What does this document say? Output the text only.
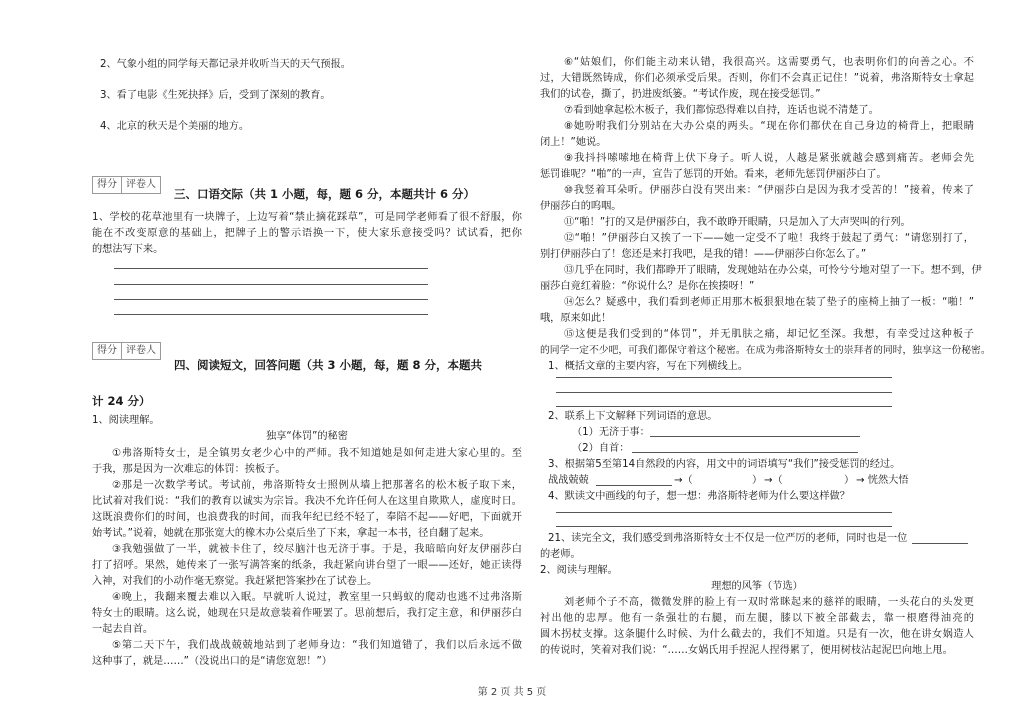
2、气象小组的同学每天都记录并收听当天的天气预报。

3、看了电影《生死抉择》后，受到了深刻的教育。

4、北京的秋天是个美丽的地方。

得分 评卷人

三、口语交际（共 1 小题，每，题 6 分，本题共计 6 分）

1、学校的花草池里有一块牌子，上边写着“禁止摘花踩草”，可是同学老师看了很不舒服，你

能在不改变原意的基础上，把牌子上的警示语换一下，使大家乐意接受吗？试试看，把你

的想法写下来。

得分 评卷人

四、阅读短文，回答问题（共 3 小题，每，题 8 分，本题共

计 24 分）

1、阅读理解。

独享“体罚”的秘密

①弗洛斯特女士，是全镇男女老少心中的严师。我不知道她是如何走进大家心里的。至

于我，那是因为一次难忘的体罚：挨板子。

②那是一次数学考试。考试前，弗洛斯特女士照例从墙上把那著名的松木板子取下来，

比试着对我们说：“我们的教育以诚实为宗旨。我决不允许任何人在这里自欺欺人，虚度时日。

这既浪费你们的时间，也浪费我的时间，而我年纪已经不轻了，奉陪不起——好吧，下面就开

始考试。”说着，她就在那张宽大的橡木办公桌后坐了下来，拿起一本书，径自翻了起来。

③我勉强做了一半，就被卡住了，绞尽脑汁也无济于事。于是，我暗暗向好友伊丽莎白

打了招呼。果然，她传来了一张写满答案的纸条，我赶紧向讲台望了一眼——还好，她正读得

入神，对我们的小动作毫无察觉。我赶紧把答案抄在了试卷上。

④晚上，我翻来覆去难以入眠。早就听人说过，教室里一只蚂蚁的爬动也逃不过弗洛斯

特女士的眼睛。这么说，她现在只是故意装着作哑罢了。思前想后，我打定主意，和伊丽莎白

一起去自首。

⑤第二天下午，我们战战兢兢地站到了老师身边：“我们知道错了，我们以后永远不做

这种事了，就是……”（没说出口的是“请您宽恕！”）

⑥“姑娘们，你们能主动来认错，我很高兴。这需要勇气，也表明你们的向善之心。不

过，大错既然铸成，你们必须承受后果。否则，你们不会真正记住！”说着，弗洛斯特女士拿起

我们的试卷，撕了，扔进废纸篓。“考试作废，现在接受惩罚。”

⑦看到她拿起松木板子，我们都惊恐得难以自持，连话也说不清楚了。

⑧她吩咐我们分别站在大办公桌的两头。“现在你们都伏在自己身边的椅背上，把眼睛

闭上！”她说。

⑨我抖抖嗦嗦地在椅背上伏下身子。听人说，人越是紧张就越会感到痛苦。老师会先

惩罚谁呢？“啪”的一声，宣告了惩罚的开始。看来，老师先惩罚伊丽莎白了。

⑩我竖着耳朵听。伊丽莎白没有哭出来：“伊丽莎白是因为我才受苦的！”接着，传来了

伊丽莎白的呜咽。

⑪“啪！”打的又是伊丽莎白，我不敢睁开眼睛，只是加入了大声哭叫的行列。

⑫“啪！”伊丽莎白又挨了一下——她一定受不了啦！我终于鼓起了勇气：“请您别打了，

别打伊丽莎白了！您还是来打我吧，是我的错！——伊丽莎白你怎么了。”

⑬几乎在同时，我们都睁开了眼睛，发现她站在办公桌，可怜兮兮地对望了一下。想不到，伊

丽莎白竟红着脸：“你说什么？是你在挨揍呀！”

⑭怎么？疑惑中，我们看到老师正用那木板狠狠地在装了垫子的座椅上抽了一板：“啪！”

哦，原来如此！

⑮这便是我们受到的“体罚”，并无肌肤之痛，却记忆至深。我想，有幸受过这种板子

的同学一定不少吧，可我们都保守着这个秘密。在成为弗洛斯特女士的崇拜者的同时，独享这一份秘密。

1、概括文章的主要内容，写在下列横线上。

2、联系上下文解释下列词语的意思。

（1）无济于事：

（2）自首：

3、根据第5至第14自然段的内容，用文中的词语填写“我们”接受惩罚的经过。

战战兢兢	→（	） →（	） → 恍然大悟

4、默读文中画线的句子，想一想：弗洛斯特老师为什么要这样做？

21、读完全文，我们感受到弗洛斯特女士不仅是一位严厉的老师，同时也是一位

的老师。

2、阅读与理解。

理想的风筝（节选）

刘老师个子不高，微微发胖的脸上有一双时常眯起来的慈祥的眼睛，一头花白的头发更

衬出他的忠厚。他有一条强壮的右腿，而左腿，膝以下被全部截去，靠一根磨得油亮的

圆木拐杖支撑。这条腿什么时候、为什么截去的，我们不知道。只是有一次，他在讲女娲造人

的传说时，笑着对我们说：“……女娲氏用手捏泥人捏得累了，便用树枝沾起泥巴向地上甩。

第 2 页 共 5 页
